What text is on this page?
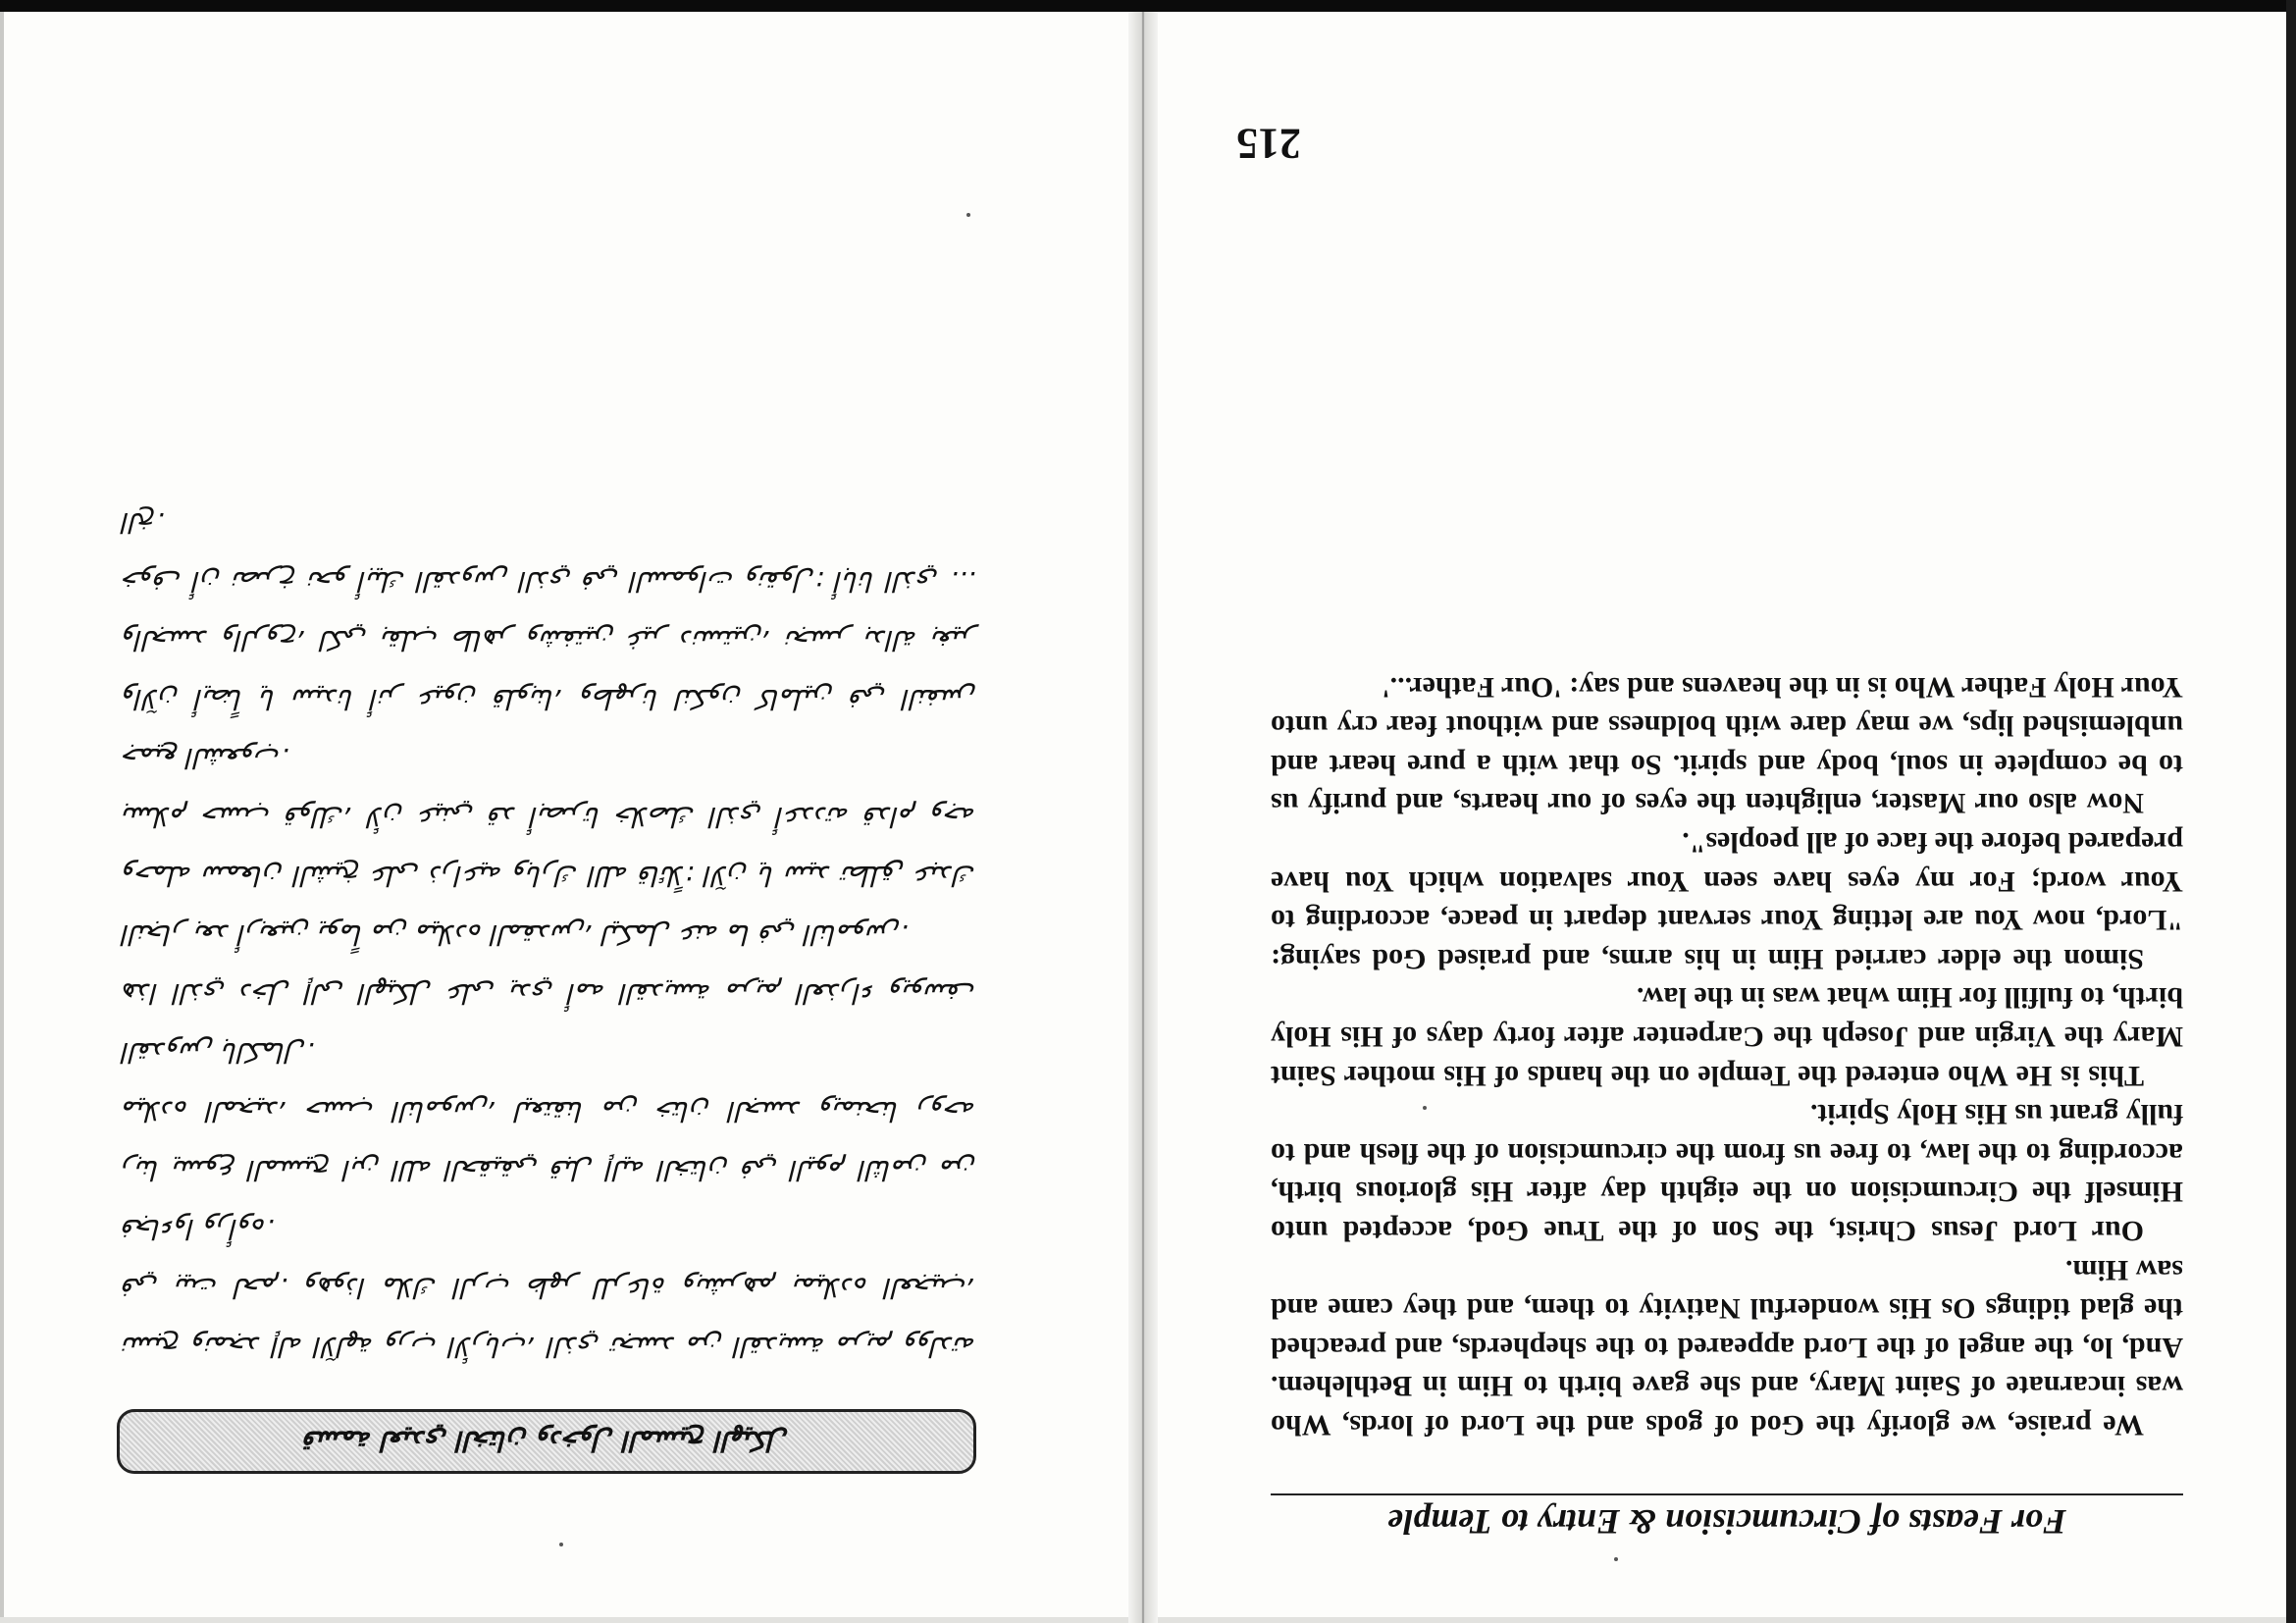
قسمة لعيدي الختان ودخول المسيح الهيكل

نسبح ونمجد إله الآلهة ورب الأرباب، الذي تجسد من القديسة مريم وولدته في بيت لحم. وهوذا ملاك الرب ظهر للرعاة وبشرهم بميلاده العجيب، فجاءوا ورأوه.

ربنا يسوع المسيح ابن الله الحقيقي قبل إليه الختان في اليوم الثامن من ميلاده المجيد، حسب الناموس، ليعتقنا من ختان الجسد ويمنحنا روحه القدوس بالكمال.

هذا الذي دخل إلى الهيكل على يدي أمه القديسة مريم العذراء ويوسف النجار بعد أربعين يوماً من ميلاده المقدس، ليكمل عنه ما في الناموس.

وحمله سمعان الشيخ على ذراعيه وبارك الله قائلاً: الآن يا سيد تطلق عبدك بسلام حسب قولك، لأن عيني قد أبصرتا خلاصك الذي أعددته قدام وجه جميع الشعوب.

والآن أيضاً يا سيدنا أنر عيون قلوبنا، وطهرنا لنكون كاملين في النفس والجسد والروح، لكي بقلب طاهر وشفتين غير دنستين، نجسر بدالة بغير خوف أن نصرخ نحو أبيك القدوس الذي في السموات ونقول: أبانا الذي ... الخ.

For Feasts of Circumcision & Entry to Temple

We praise, we glorify the God of gods and the Lord of lords, Who was incarnate of Saint Mary, and she gave birth to Him in Bethlehem. And, lo, the angel of the Lord appeared to the shepherds, and preached the glad tidings Os His wonderful Nativity to them, and they came and saw Him.

Our Lord Jesus Christ, the Son of the True God, accepted unto Himself the Circumcision on the eighth day after His glorious birth, according to the law, to free us from the circumcision of the flesh and to fully grant us His Holy Spirit.

This is He Who entered the Temple on the hands of His mother Saint Mary the Virgin and Joseph the Carpenter after forty days of His Holy birth, to fulfill for Him what was in the law.

Simon the elder carried Him in his arms, and praised God saying: "Lord, now You are letting Your servant depart in peace, according to Your word; For my eyes have seen Your salvation which You have prepared before the face of all peoples".

Now also our Master, enlighten the eyes of our hearts, and purify us to be complete in soul, body and spirit. So that with a pure heart and unblemished lips, we may dare with boldness and without fear cry unto Your Holy Father Who is in the heavens and say: 'Our Father...'

215
